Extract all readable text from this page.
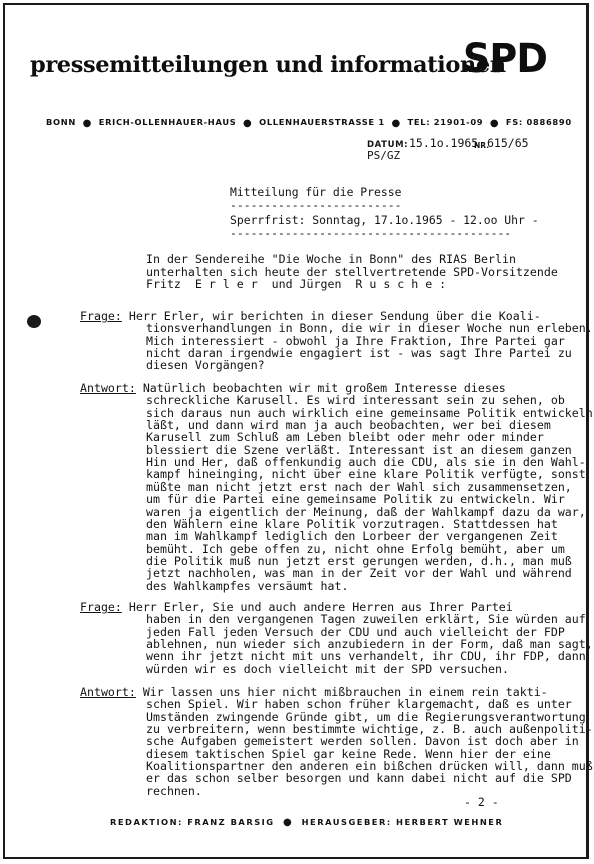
pressemitteilungen und informationen
SPD
BONN ● ERICH-OLLENHAUER-HAUS ● OLLENHAUERSTRASSE 1 ● TEL: 21901-09 ● FS: 0886890
DATUM: 15.1o.1965
NR.
615/65
PS/GZ
Mitteilung für die Presse
-------------------------
Sperrfrist: Sonntag, 17.1o.1965 - 12.oo Uhr -
-----------------------------------------
In der Sendereihe "Die Woche in Bonn" des RIAS Berlin
unterhalten sich heute der stellvertretende SPD-Vorsitzende
Fritz  E r l e r  und Jürgen  R u s c h e :
Frage: Herr Erler, wir berichten in dieser Sendung über die Koali-
tionsverhandlungen in Bonn, die wir in dieser Woche nun erleben.
Mich interessiert - obwohl ja Ihre Fraktion, Ihre Partei gar
nicht daran irgendwie engagiert ist - was sagt Ihre Partei zu
diesen Vorgängen?
Antwort: Natürlich beobachten wir mit großem Interesse dieses
schreckliche Karusell. Es wird interessant sein zu sehen, ob
sich daraus nun auch wirklich eine gemeinsame Politik entwickeln
läßt, und dann wird man ja auch beobachten, wer bei diesem
Karusell zum Schluß am Leben bleibt oder mehr oder minder
blessiert die Szene verläßt. Interessant ist an diesem ganzen
Hin und Her, daß offenkundig auch die CDU, als sie in den Wahl-
kampf hineinging, nicht über eine klare Politik verfügte, sonst
müßte man nicht jetzt erst nach der Wahl sich zusammensetzen,
um für die Partei eine gemeinsame Politik zu entwickeln. Wir
waren ja eigentlich der Meinung, daß der Wahlkampf dazu da war,
den Wählern eine klare Politik vorzutragen. Stattdessen hat
man im Wahlkampf lediglich den Lorbeer der vergangenen Zeit
bemüht. Ich gebe offen zu, nicht ohne Erfolg bemüht, aber um
die Politik muß nun jetzt erst gerungen werden, d.h., man muß
jetzt nachholen, was man in der Zeit vor der Wahl und während
des Wahlkampfes versäumt hat.
Frage: Herr Erler, Sie und auch andere Herren aus Ihrer Partei
haben in den vergangenen Tagen zuweilen erklärt, Sie würden auf
jeden Fall jeden Versuch der CDU und auch vielleicht der FDP
ablehnen, nun wieder sich anzubiedern in der Form, daß man sagt,
wenn ihr jetzt nicht mit uns verhandelt, ihr CDU, ihr FDP, dann
würden wir es doch vielleicht mit der SPD versuchen.
Antwort: Wir lassen uns hier nicht mißbrauchen in einem rein takti-
schen Spiel. Wir haben schon früher klargemacht, daß es unter
Umständen zwingende Gründe gibt, um die Regierungsverantwortung
zu verbreitern, wenn bestimmte wichtige, z. B. auch außenpoliti-
sche Aufgaben gemeistert werden sollen. Davon ist doch aber in
diesem taktischen Spiel gar keine Rede. Wenn hier der eine
Koalitionspartner den anderen ein bißchen drücken will, dann muß
er das schon selber besorgen und kann dabei nicht auf die SPD
rechnen.
- 2 -
REDAKTION: FRANZ BARSIG ● HERAUSGEBER: HERBERT WEHNER
